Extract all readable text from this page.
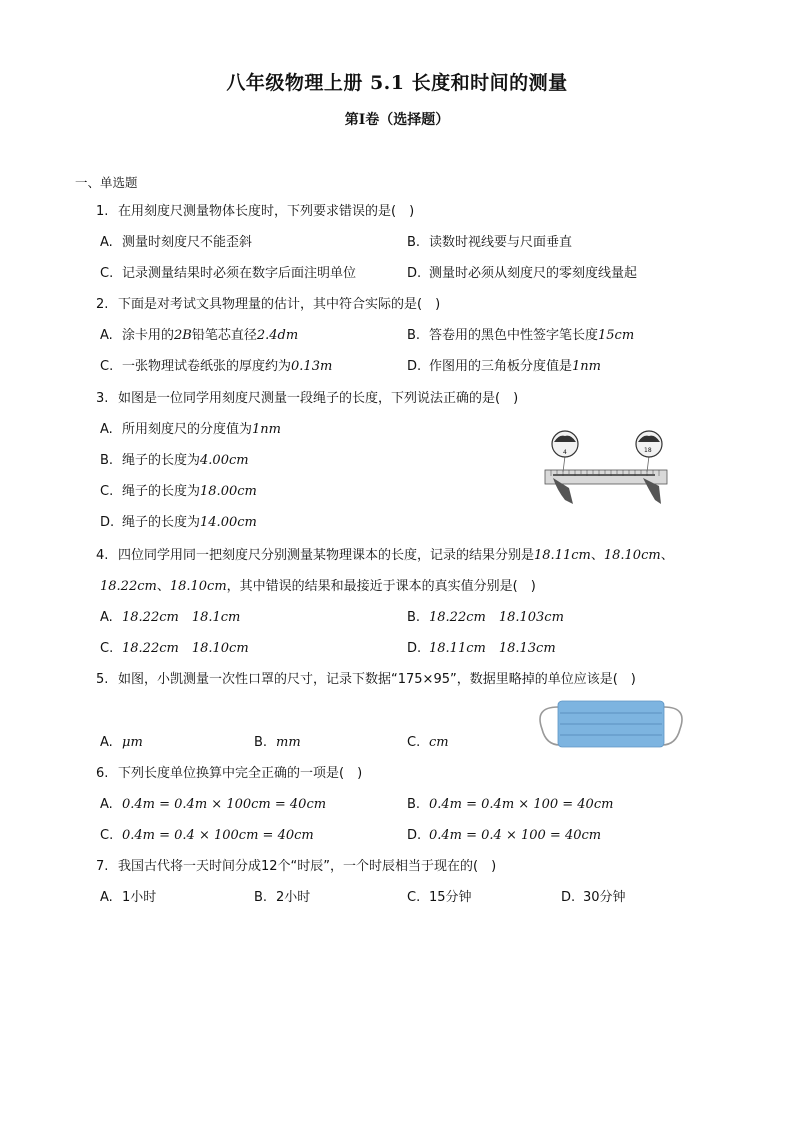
八年级物理上册 5.1 长度和时间的测量
第Ⅰ卷（选择题）
一、单选题
1. 在用刻度尺测量物体长度时，下列要求错误的是(　)
A. 测量时刻度尺不能歪斜	B. 读数时视线要与尺面垂直
C. 记录测量结果时必须在数字后面注明单位	D. 测量时必须从刻度尺的零刻度线量起
2. 下面是对考试文具物理量的估计，其中符合实际的是(　)
A. 涂卡用的2B铅笔芯直径2.4dm	B. 答卷用的黑色中性签字笔长度15cm
C. 一张物理试卷纸张的厚度约为0.13m	D. 作图用的三角板分度值是1nm
3. 如图是一位同学用刻度尺测量一段绳子的长度，下列说法正确的是(　)
A. 所用刻度尺的分度值为1nm
B. 绳子的长度为4.00cm
C. 绳子的长度为18.00cm
D. 绳子的长度为14.00cm
4	18
4. 四位同学用同一把刻度尺分别测量某物理课本的长度，记录的结果分别是18.11cm、18.10cm、
18.22cm、18.10cm，其中错误的结果和最接近于课本的真实值分别是(　)
A. 18.22cm　18.1cm	B. 18.22cm　18.103cm
C. 18.22cm　18.10cm	D. 18.11cm　18.13cm
5. 如图，小凯测量一次性口罩的尺寸，记录下数据“175×95”，数据里略掉的单位应该是(　)
A. μm	B. mm	C. cm
6. 下列长度单位换算中完全正确的一项是(　)
A. 0.4m = 0.4m × 100cm = 40cm	B. 0.4m = 0.4m × 100 = 40cm
C. 0.4m = 0.4 × 100cm = 40cm	D. 0.4m = 0.4 × 100 = 40cm
7. 我国古代将一天时间分成12个“时辰”，一个时辰相当于现在的(　)
A. 1小时	B. 2小时	C. 15分钟	D. 30分钟
